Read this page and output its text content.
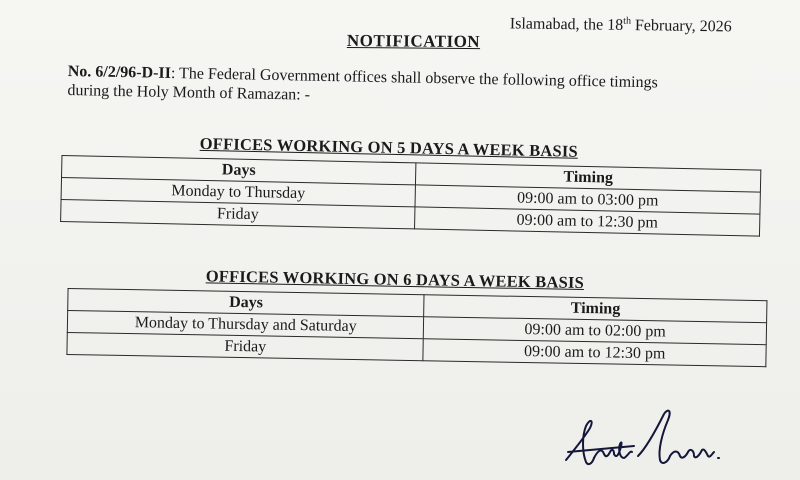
Islamabad, the 18th February, 2026
NOTIFICATION
No. 6/2/96-D-II: The Federal Government offices shall observe the following office timings
during the Holy Month of Ramazan: -
OFFICES WORKING ON 5 DAYS A WEEK BASIS
Days	Timing
Monday to Thursday	09:00 am to 03:00 pm
Friday	09:00 am to 12:30 pm
OFFICES WORKING ON 6 DAYS A WEEK BASIS
Days	Timing
Monday to Thursday and Saturday	09:00 am to 02:00 pm
Friday	09:00 am to 12:30 pm
